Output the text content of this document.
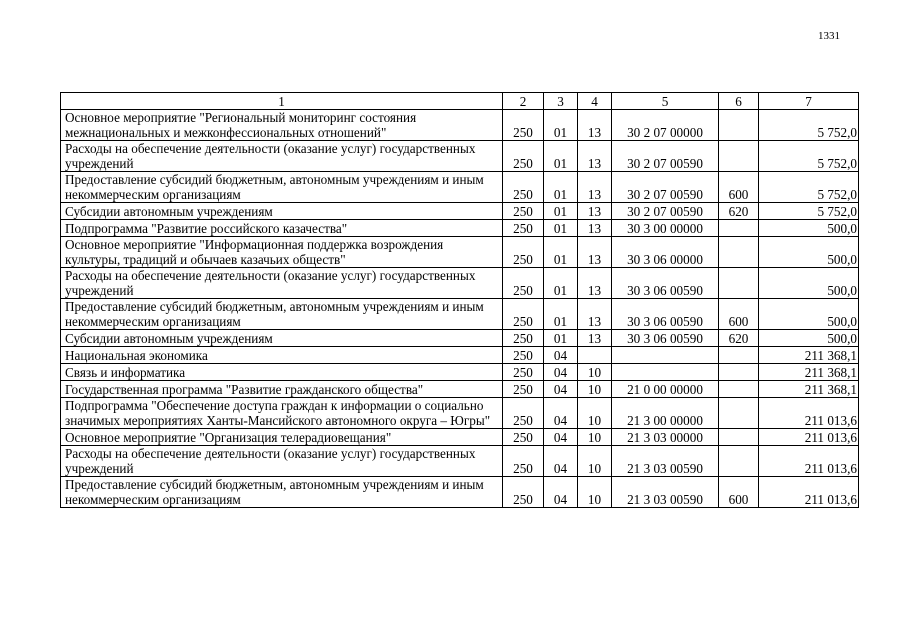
1331
1	2	3	4	5	6	7
Основное мероприятие "Региональный мониторинг состояния межнациональных и межконфессиональных отношений"	250	01	13	30 2 07 00000		5 752,0
Расходы на обеспечение деятельности (оказание услуг) государственных учреждений	250	01	13	30 2 07 00590		5 752,0
Предоставление субсидий бюджетным, автономным учреждениям и иным некоммерческим организациям	250	01	13	30 2 07 00590	600	5 752,0
Субсидии автономным учреждениям	250	01	13	30 2 07 00590	620	5 752,0
Подпрограмма "Развитие российского казачества"	250	01	13	30 3 00 00000		500,0
Основное мероприятие "Информационная поддержка возрождения культуры, традиций и обычаев казачьих обществ"	250	01	13	30 3 06 00000		500,0
Расходы на обеспечение деятельности (оказание услуг) государственных учреждений	250	01	13	30 3 06 00590		500,0
Предоставление субсидий бюджетным, автономным учреждениям и иным некоммерческим организациям	250	01	13	30 3 06 00590	600	500,0
Субсидии автономным учреждениям	250	01	13	30 3 06 00590	620	500,0
Национальная экономика	250	04				211 368,1
Связь и информатика	250	04	10			211 368,1
Государственная программа "Развитие гражданского общества"	250	04	10	21 0 00 00000		211 368,1
Подпрограмма "Обеспечение доступа граждан к информации о социально значимых мероприятиях Ханты-Мансийского автономного округа – Югры"	250	04	10	21 3 00 00000		211 013,6
Основное мероприятие "Организация телерадиовещания"	250	04	10	21 3 03 00000		211 013,6
Расходы на обеспечение деятельности (оказание услуг) государственных учреждений	250	04	10	21 3 03 00590		211 013,6
Предоставление субсидий бюджетным, автономным учреждениям и иным некоммерческим организациям	250	04	10	21 3 03 00590	600	211 013,6
